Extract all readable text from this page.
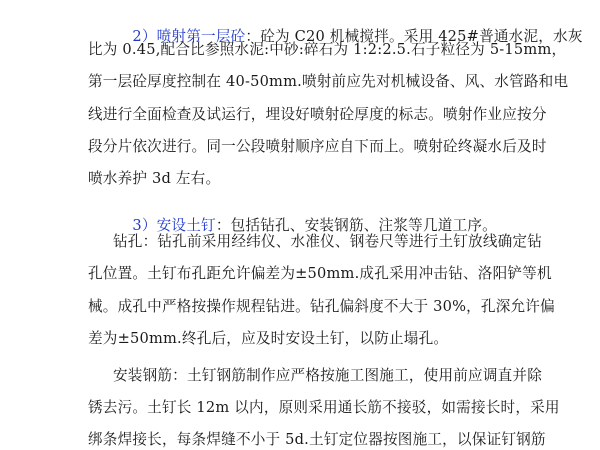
2）喷射第一层砼：砼为 C20 机械搅拌。采用 425#普通水泥，水灰

比为 0.45,配合比参照水泥:中砂:碎石为 1:2:2.5.石子粒径为 5-15mm，
第一层砼厚度控制在 40-50mm.喷射前应先对机械设备、风、水管路和电
线进行全面检查及试运行，埋设好喷射砼厚度的标志。喷射作业应按分
段分片依次进行。同一公段喷射顺序应自下而上。喷射砼终凝水后及时
喷水养护 3d 左右。

3）安设土钉：包括钻孔、安装钢筋、注浆等几道工序。

钻孔：钻孔前采用经纬仪、水准仪、钢卷尺等进行土钉放线确定钻
孔位置。土钉布孔距允许偏差为±50mm.成孔采用冲击钻、洛阳铲等机
械。成孔中严格按操作规程钻进。钻孔偏斜度不大于 30%，孔深允许偏
差为±50mm.终孔后，应及时安设土钉，以防止塌孔。
安装钢筋：土钉钢筋制作应严格按施工图施工，使用前应调直并除
锈去污。土钉长 12m 以内，原则采用通长筋不接驳，如需接长时，采用
绑条焊接长，每条焊缝不小于 5d.土钉定位器按图施工，以保证钉钢筋
